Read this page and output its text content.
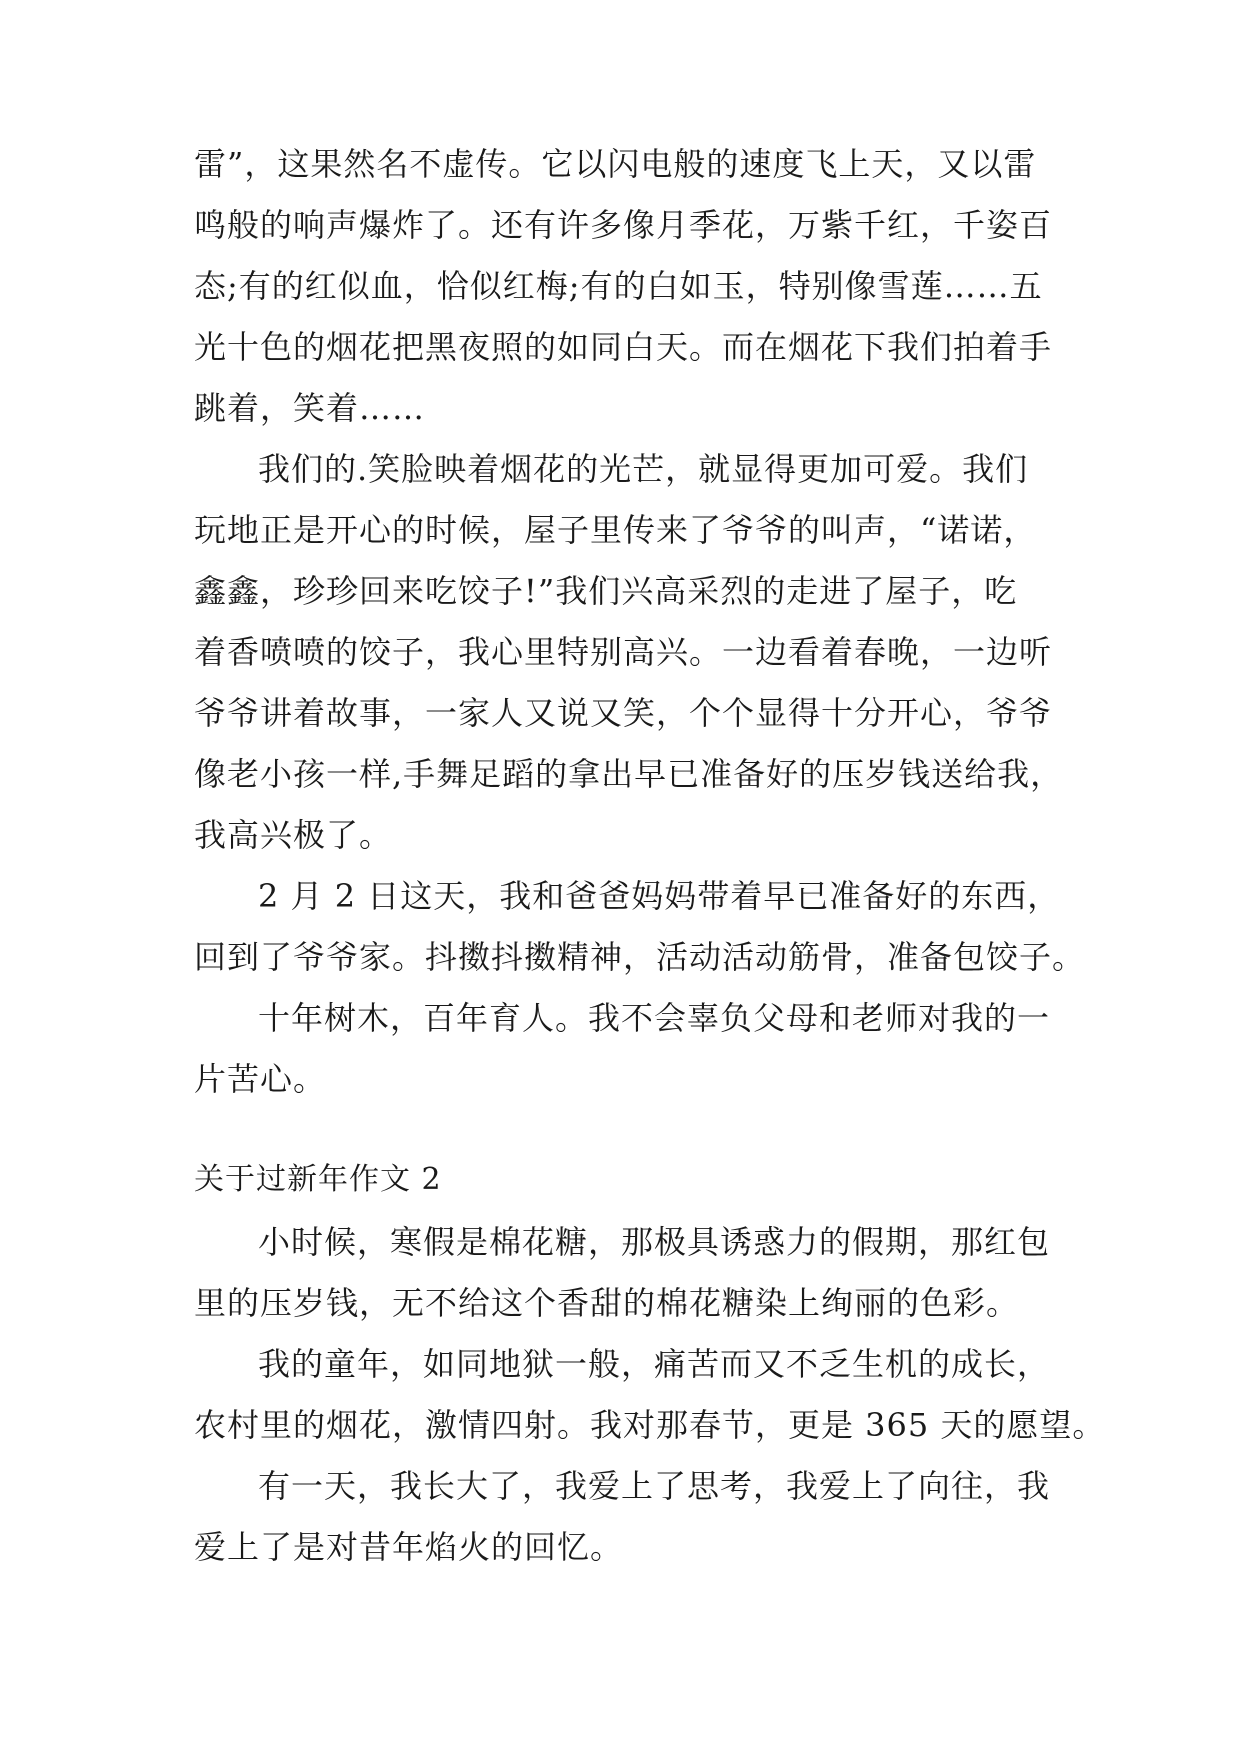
雷”，这果然名不虚传。它以闪电般的速度飞上天，又以雷
鸣般的响声爆炸了。还有许多像月季花，万紫千红，千姿百
态;有的红似血，恰似红梅;有的白如玉，特别像雪莲……五
光十色的烟花把黑夜照的如同白天。而在烟花下我们拍着手
跳着，笑着……
我们的.笑脸映着烟花的光芒，就显得更加可爱。我们
玩地正是开心的时候，屋子里传来了爷爷的叫声，“诺诺，
鑫鑫，珍珍回来吃饺子!”我们兴高采烈的走进了屋子，吃
着香喷喷的饺子，我心里特别高兴。一边看着春晚，一边听
爷爷讲着故事，一家人又说又笑，个个显得十分开心，爷爷
像老小孩一样,手舞足蹈的拿出早已准备好的压岁钱送给我，
我高兴极了。
2 月 2 日这天，我和爸爸妈妈带着早已准备好的东西，
回到了爷爷家。抖擞抖擞精神，活动活动筋骨，准备包饺子。
十年树木，百年育人。我不会辜负父母和老师对我的一
片苦心。
关于过新年作文 2
小时候，寒假是棉花糖，那极具诱惑力的假期，那红包
里的压岁钱，无不给这个香甜的棉花糖染上绚丽的色彩。
我的童年，如同地狱一般，痛苦而又不乏生机的成长，
农村里的烟花，激情四射。我对那春节，更是 365 天的愿望。
有一天，我长大了，我爱上了思考，我爱上了向往，我
爱上了是对昔年焰火的回忆。
